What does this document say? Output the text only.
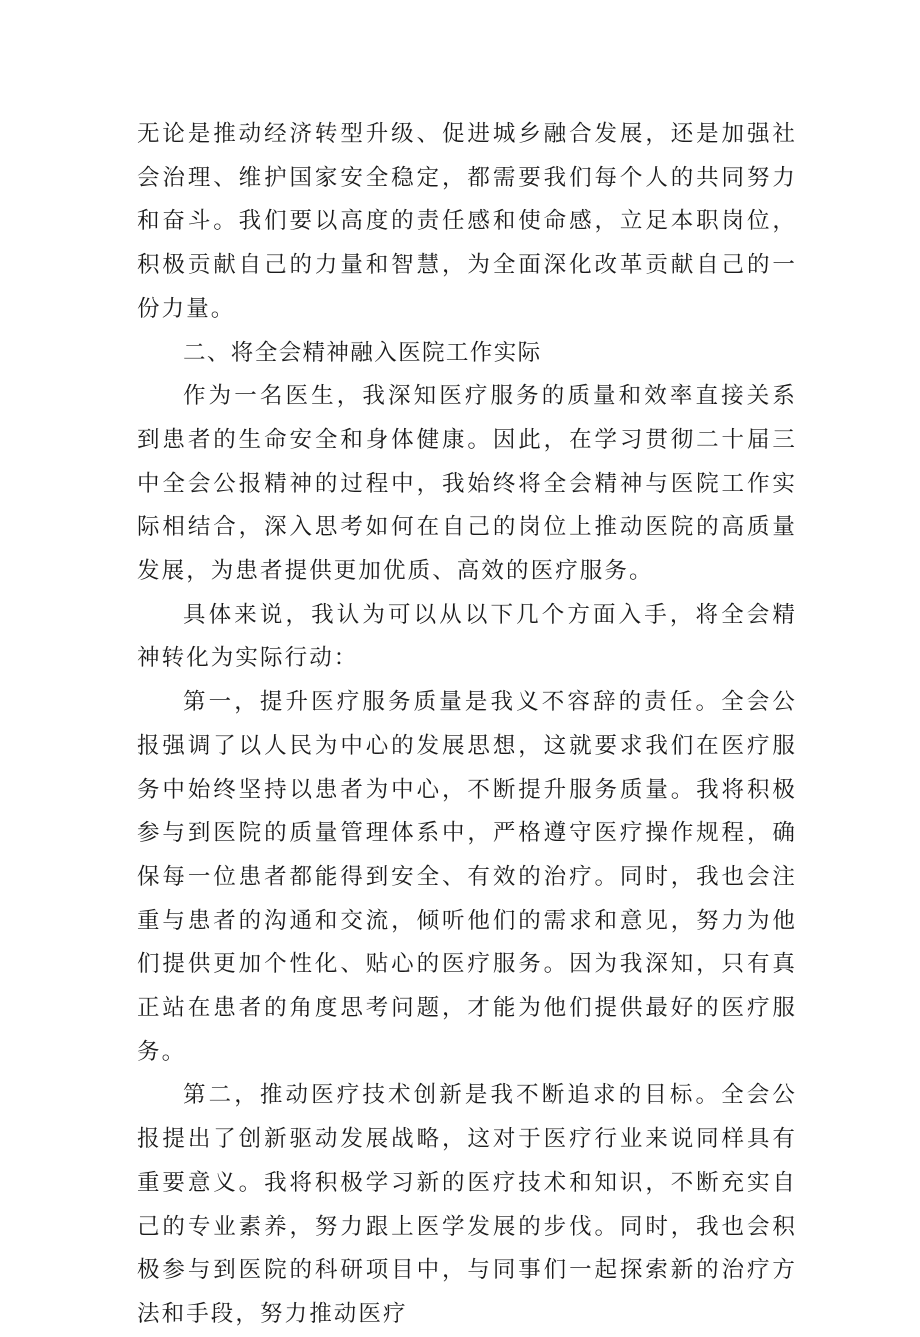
无论是推动经济转型升级、促进城乡融合发展，还是加强社会治理、维护国家安全稳定，都需要我们每个人的共同努力和奋斗。我们要以高度的责任感和使命感，立足本职岗位，积极贡献自己的力量和智慧，为全面深化改革贡献自己的一份力量。

二、将全会精神融入医院工作实际

作为一名医生，我深知医疗服务的质量和效率直接关系到患者的生命安全和身体健康。因此，在学习贯彻二十届三中全会公报精神的过程中，我始终将全会精神与医院工作实际相结合，深入思考如何在自己的岗位上推动医院的高质量发展，为患者提供更加优质、高效的医疗服务。

具体来说，我认为可以从以下几个方面入手，将全会精神转化为实际行动：

第一，提升医疗服务质量是我义不容辞的责任。全会公报强调了以人民为中心的发展思想，这就要求我们在医疗服务中始终坚持以患者为中心，不断提升服务质量。我将积极参与到医院的质量管理体系中，严格遵守医疗操作规程，确保每一位患者都能得到安全、有效的治疗。同时，我也会注重与患者的沟通和交流，倾听他们的需求和意见，努力为他们提供更加个性化、贴心的医疗服务。因为我深知，只有真正站在患者的角度思考问题，才能为他们提供最好的医疗服务。

第二，推动医疗技术创新是我不断追求的目标。全会公报提出了创新驱动发展战略，这对于医疗行业来说同样具有重要意义。我将积极学习新的医疗技术和知识，不断充实自己的专业素养，努力跟上医学发展的步伐。同时，我也会积极参与到医院的科研项目中，与同事们一起探索新的治疗方法和手段，努力推动医疗
